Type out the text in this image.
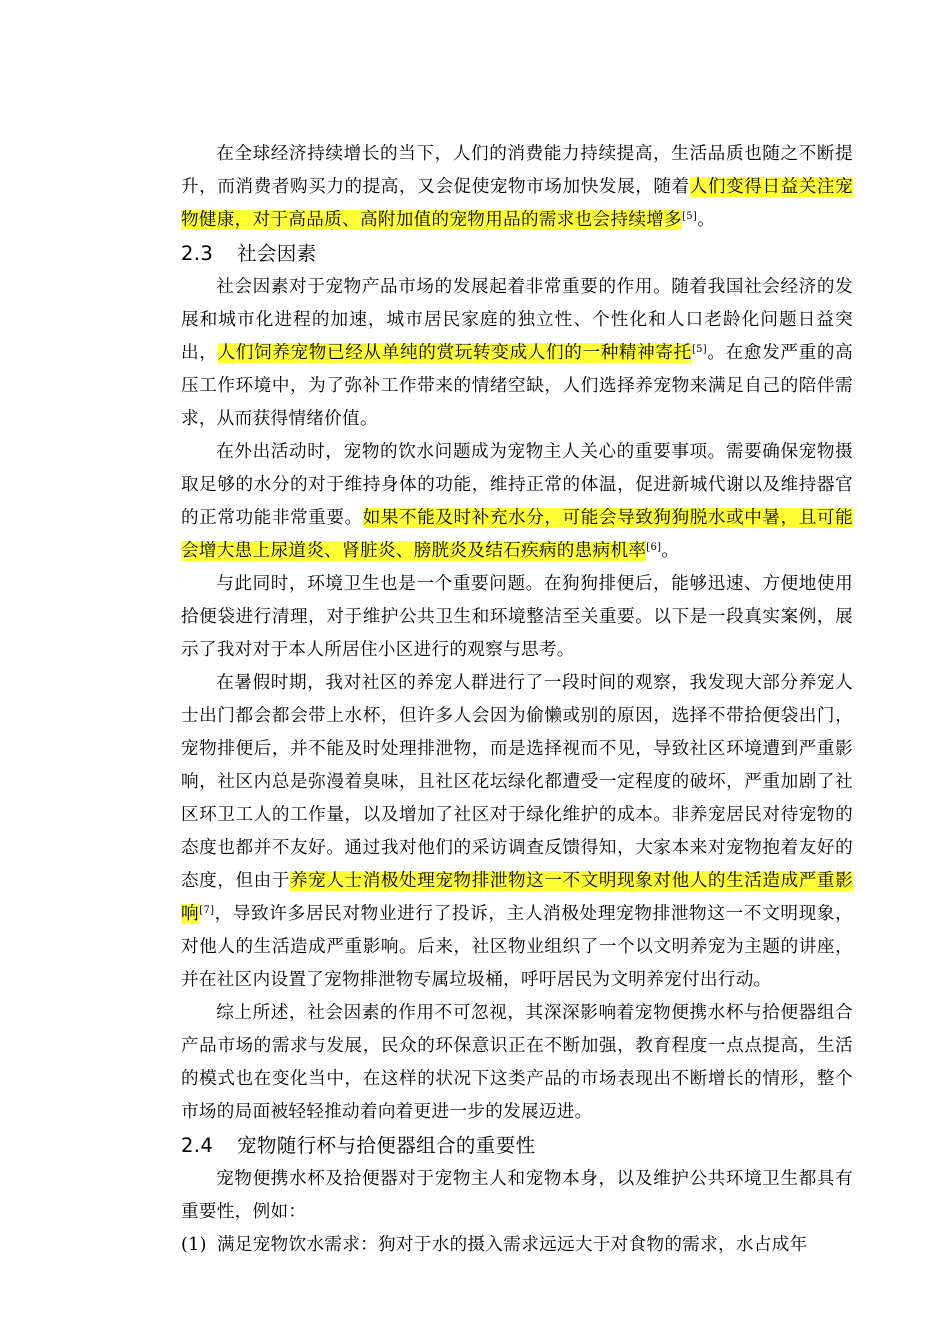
在全球经济持续增长的当下，人们的消费能力持续提高，生活品质也随之不断提升，而消费者购买力的提高，又会促使宠物市场加快发展，随着人们变得日益关注宠物健康，对于高品质、高附加值的宠物用品的需求也会持续增多[5]。

2.3 社会因素

社会因素对于宠物产品市场的发展起着非常重要的作用。随着我国社会经济的发展和城市化进程的加速，城市居民家庭的独立性、个性化和人口老龄化问题日益突出，人们饲养宠物已经从单纯的赏玩转变成人们的一种精神寄托[5]。在愈发严重的高压工作环境中，为了弥补工作带来的情绪空缺，人们选择养宠物来满足自己的陪伴需求，从而获得情绪价值。

在外出活动时，宠物的饮水问题成为宠物主人关心的重要事项。需要确保宠物摄取足够的水分的对于维持身体的功能，维持正常的体温，促进新城代谢以及维持器官的正常功能非常重要。如果不能及时补充水分，可能会导致狗狗脱水或中暑，且可能会增大患上尿道炎、肾脏炎、膀胱炎及结石疾病的患病机率[6]。

与此同时，环境卫生也是一个重要问题。在狗狗排便后，能够迅速、方便地使用拾便袋进行清理，对于维护公共卫生和环境整洁至关重要。以下是一段真实案例，展示了我对对于本人所居住小区进行的观察与思考。

在暑假时期，我对社区的养宠人群进行了一段时间的观察，我发现大部分养宠人士出门都会都会带上水杯，但许多人会因为偷懒或别的原因，选择不带拾便袋出门，宠物排便后，并不能及时处理排泄物，而是选择视而不见，导致社区环境遭到严重影响，社区内总是弥漫着臭味，且社区花坛绿化都遭受一定程度的破坏，严重加剧了社区环卫工人的工作量，以及增加了社区对于绿化维护的成本。非养宠居民对待宠物的态度也都并不友好。通过我对他们的采访调查反馈得知，大家本来对宠物抱着友好的态度，但由于养宠人士消极处理宠物排泄物这一不文明现象对他人的生活造成严重影响[7]，导致许多居民对物业进行了投诉，主人消极处理宠物排泄物这一不文明现象，对他人的生活造成严重影响。后来，社区物业组织了一个以文明养宠为主题的讲座，并在社区内设置了宠物排泄物专属垃圾桶，呼吁居民为文明养宠付出行动。

综上所述，社会因素的作用不可忽视，其深深影响着宠物便携水杯与拾便器组合产品市场的需求与发展，民众的环保意识正在不断加强，教育程度一点点提高，生活的模式也在变化当中，在这样的状况下这类产品的市场表现出不断增长的情形，整个市场的局面被轻轻推动着向着更进一步的发展迈进。

2.4 宠物随行杯与拾便器组合的重要性

宠物便携水杯及拾便器对于宠物主人和宠物本身，以及维护公共环境卫生都具有重要性，例如：

(1) 满足宠物饮水需求：狗对于水的摄入需求远远大于对食物的需求，水占成年
